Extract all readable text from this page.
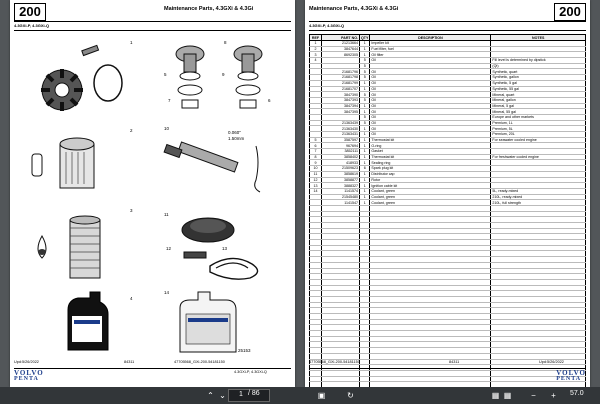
200	Maintenance Parts, 4.3GXi & 4.3Gi
4.3GXi-P, 4.3GXi-Q
1
5
8
9
7	6
2	10
0.060"
1.50mm
3
11
12	13
4
14
25153
Upd:5/26/2022	84311	47705568_GXi-200-54181150
4.3GXi-P, 4.3GXi-Q
VOLVO
PENTA
Maintenance Parts, 4.3GXi & 4.3Gi	200
4.3GXi-P, 4.3GXi-Q
REF	PART NO.	QTY	DESCRIPTION	NOTES
1	21213664	1	Impeller kit	
2	3847644	1	Fuel filter, fuel	
3	8692305	1	Oil filter	
4		5	Oil	Fill level is determined by dipstick
		5		(Qt)
	21681796	5	Oil	Synthetic, quart
	21681798	5	Oil	Synthetic, gallon
	21681799	1	Oil	Synthetic, 5 gal
	21681707	1	Oil	Synthetic, 55 gal
	3847390	5	Oil	Mineral, quart
	3847393	5	Oil	Mineral, gallon
	3847394	1	Oil	Mineral, 5 gal
	3847395	1	Oil	Mineral, 55 gal
		5	Oil	Europe and other markets
	21363439	5	Oil	Premium, 1L
	21363430	1	Oil	Premium, 5L
	21363431	1	Oil	Premium, 20L
5	3587597	1	Thermostat kit	For seawater cooled engine
6	967694	1	O-ring	
7	3852111	1	Gasket	
8	3858402	1	Thermostat kit	For freshwater cooled engine
9	418933	1	Sealing ring	
10	21509623	6	Spark plug kit	
11	3858619	1	Distributor cap	
12	3858877	1	Rotor	
13	3888327	1	Ignition cable kit	
14	1141574	1	Coolant, green	5L, ready-mixed
	21545480	1	Coolant, green	210L, ready-mixed
	1141547	1	Coolant, green	210L, full strength

47705568_GXi-200-54181150	84311	Upd:5/26/2022
VOLVO
PENTA
⌃ ⌄	1 / 86	▣	↻	▦ ▦	−	+	57.0
